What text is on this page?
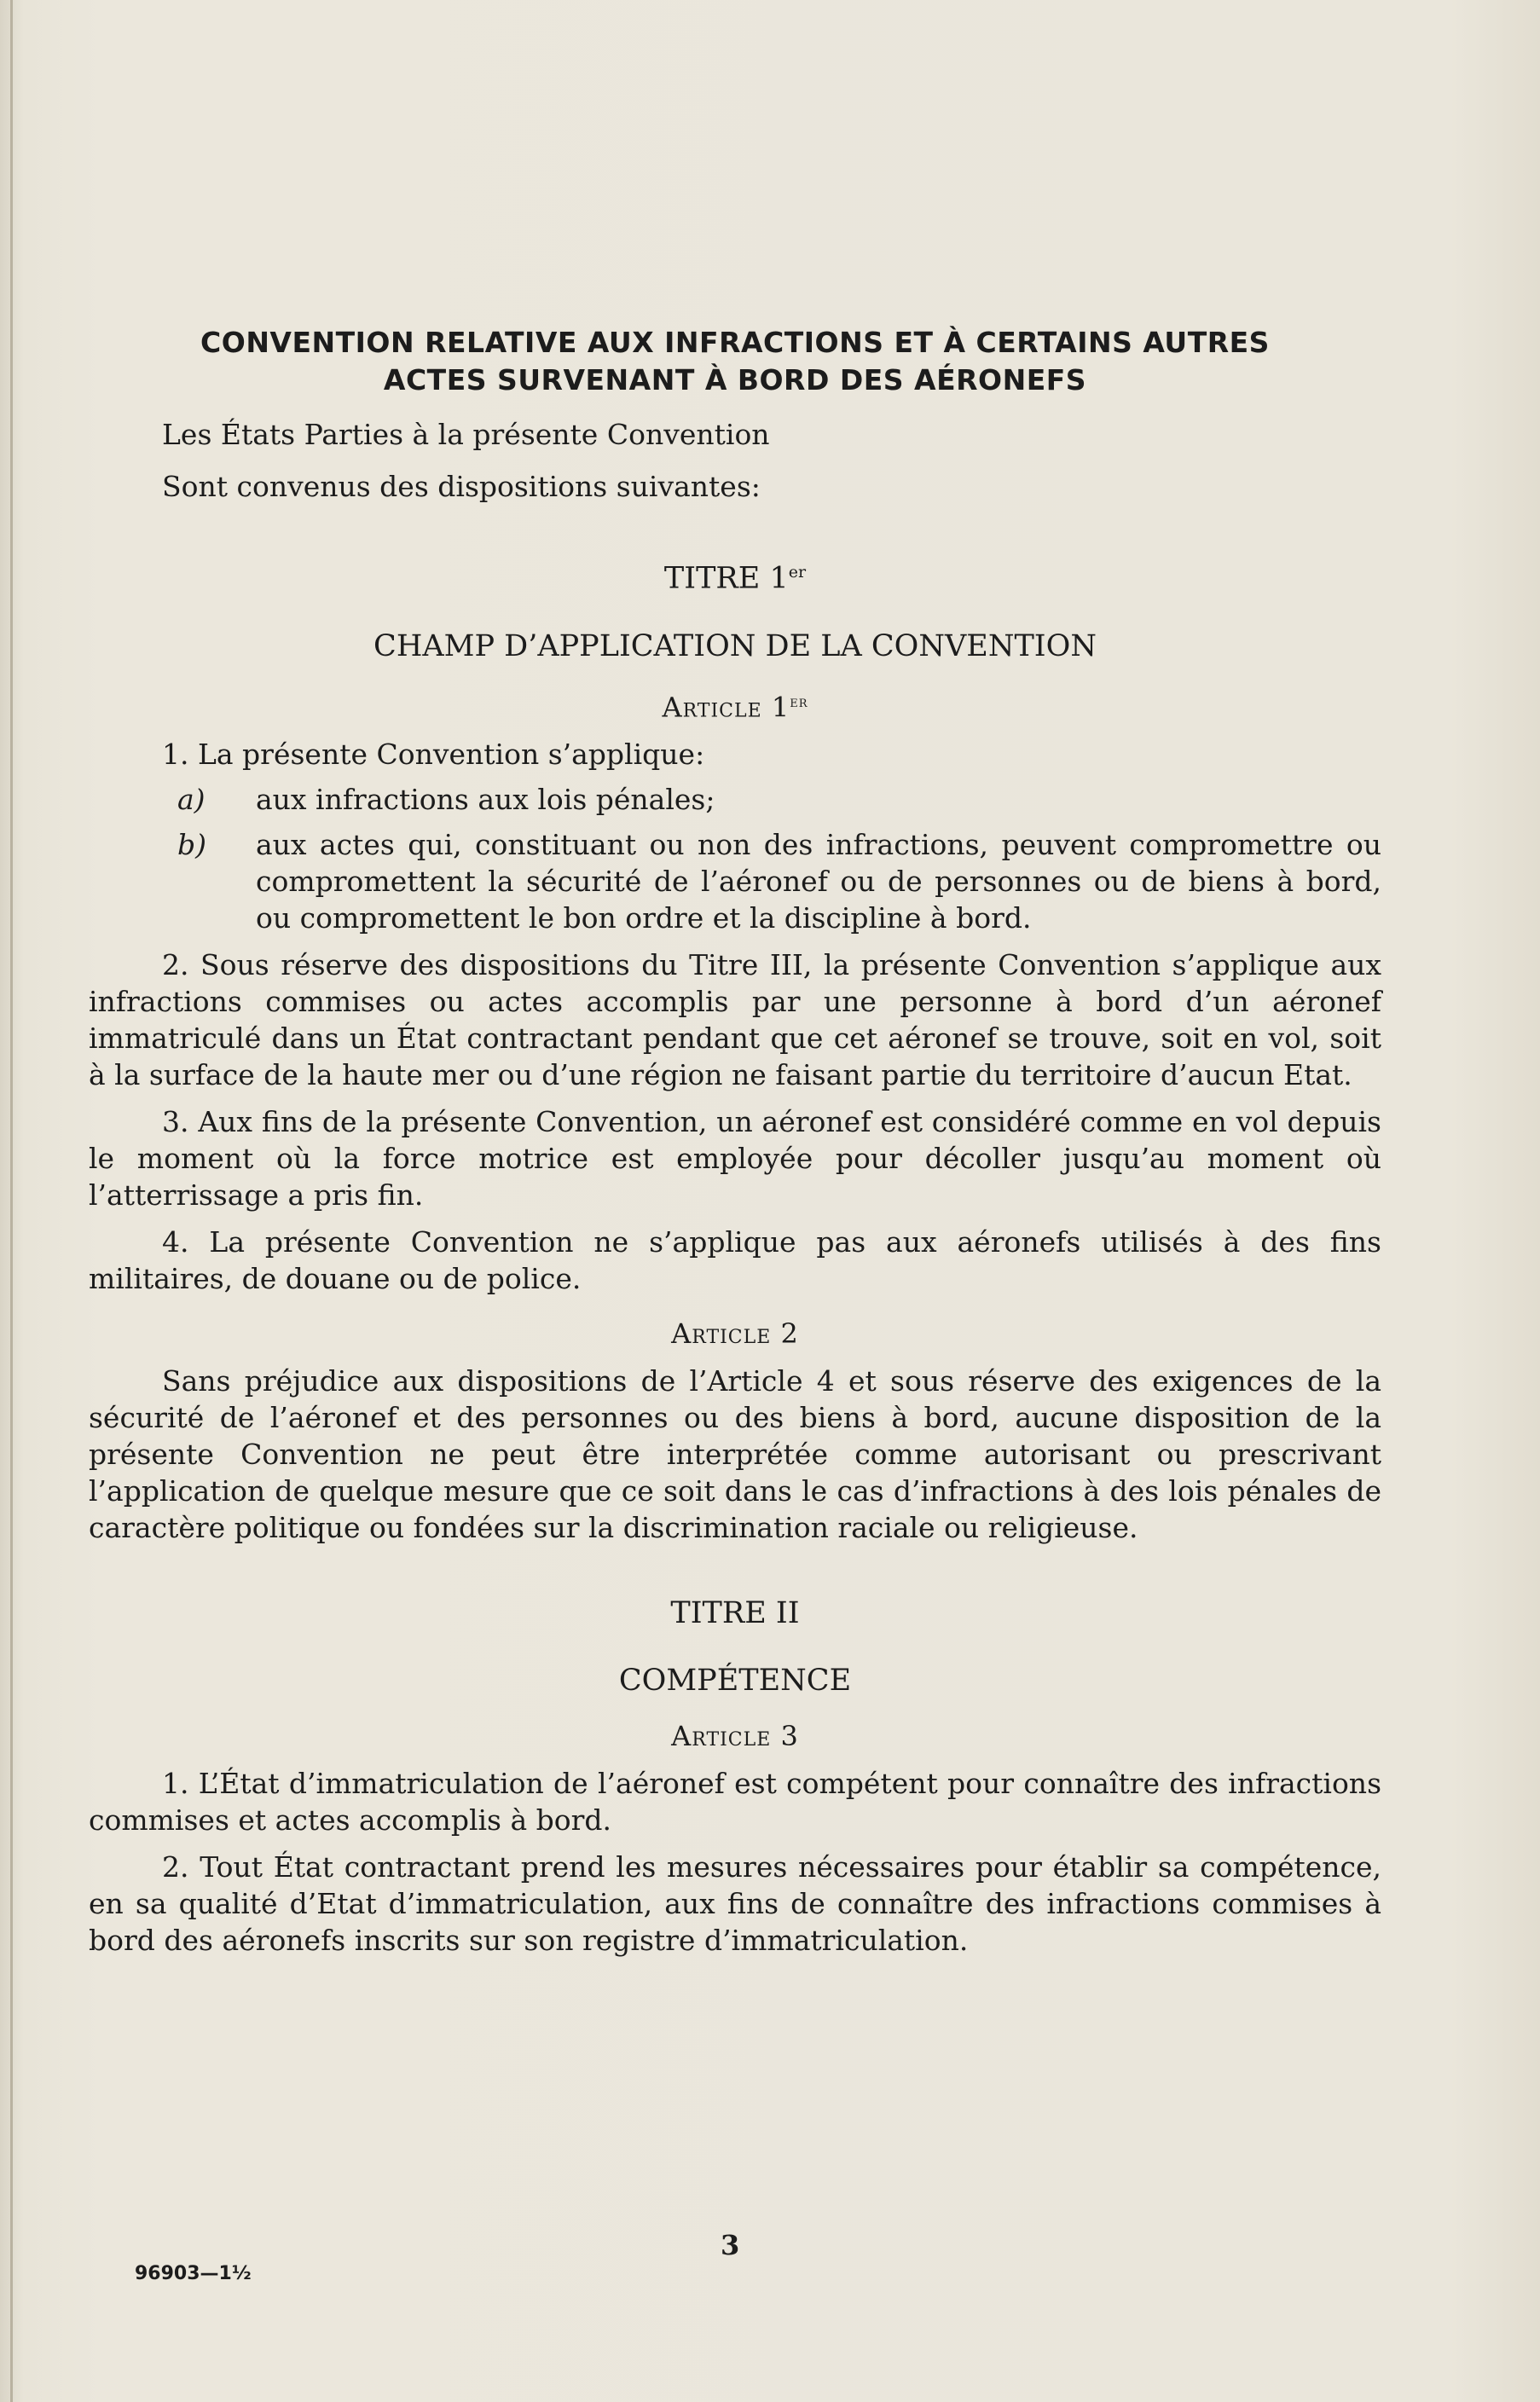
CONVENTION RELATIVE AUX INFRACTIONS ET À CERTAINS AUTRES
ACTES SURVENANT À BORD DES AÉRONEFS

Les États Parties à la présente Convention

Sont convenus des dispositions suivantes:

TITRE 1er
CHAMP D’APPLICATION DE LA CONVENTION
Article 1er
1. La présente Convention s’applique:
a)	aux infractions aux lois pénales;
b)	aux actes qui, constituant ou non des infractions, peuvent compromettre ou compromettent la sécurité de l’aéronef ou de personnes ou de biens à bord, ou compromettent le bon ordre et la discipline à bord.

2. Sous réserve des dispositions du Titre III, la présente Convention s’applique aux infractions commises ou actes accomplis par une personne à bord d’un aéronef immatriculé dans un État contractant pendant que cet aéronef se trouve, soit en vol, soit à la surface de la haute mer ou d’une région ne faisant partie du territoire d’aucun Etat.

3. Aux fins de la présente Convention, un aéronef est considéré comme en vol depuis le moment où la force motrice est employée pour décoller jusqu’au moment où l’atterrissage a pris fin.

4. La présente Convention ne s’applique pas aux aéronefs utilisés à des fins militaires, de douane ou de police.

Article 2

Sans préjudice aux dispositions de l’Article 4 et sous réserve des exigences de la sécurité de l’aéronef et des personnes ou des biens à bord, aucune disposition de la présente Convention ne peut être interprétée comme autorisant ou prescrivant l’application de quelque mesure que ce soit dans le cas d’infractions à des lois pénales de caractère politique ou fondées sur la discrimination raciale ou religieuse.

TITRE II
COMPÉTENCE
Article 3

1. L’État d’immatriculation de l’aéronef est compétent pour connaître des infractions commises et actes accomplis à bord.

2. Tout État contractant prend les mesures nécessaires pour établir sa compétence, en sa qualité d’Etat d’immatriculation, aux fins de connaître des infractions commises à bord des aéronefs inscrits sur son registre d’immatriculation.

3
96903—1½
